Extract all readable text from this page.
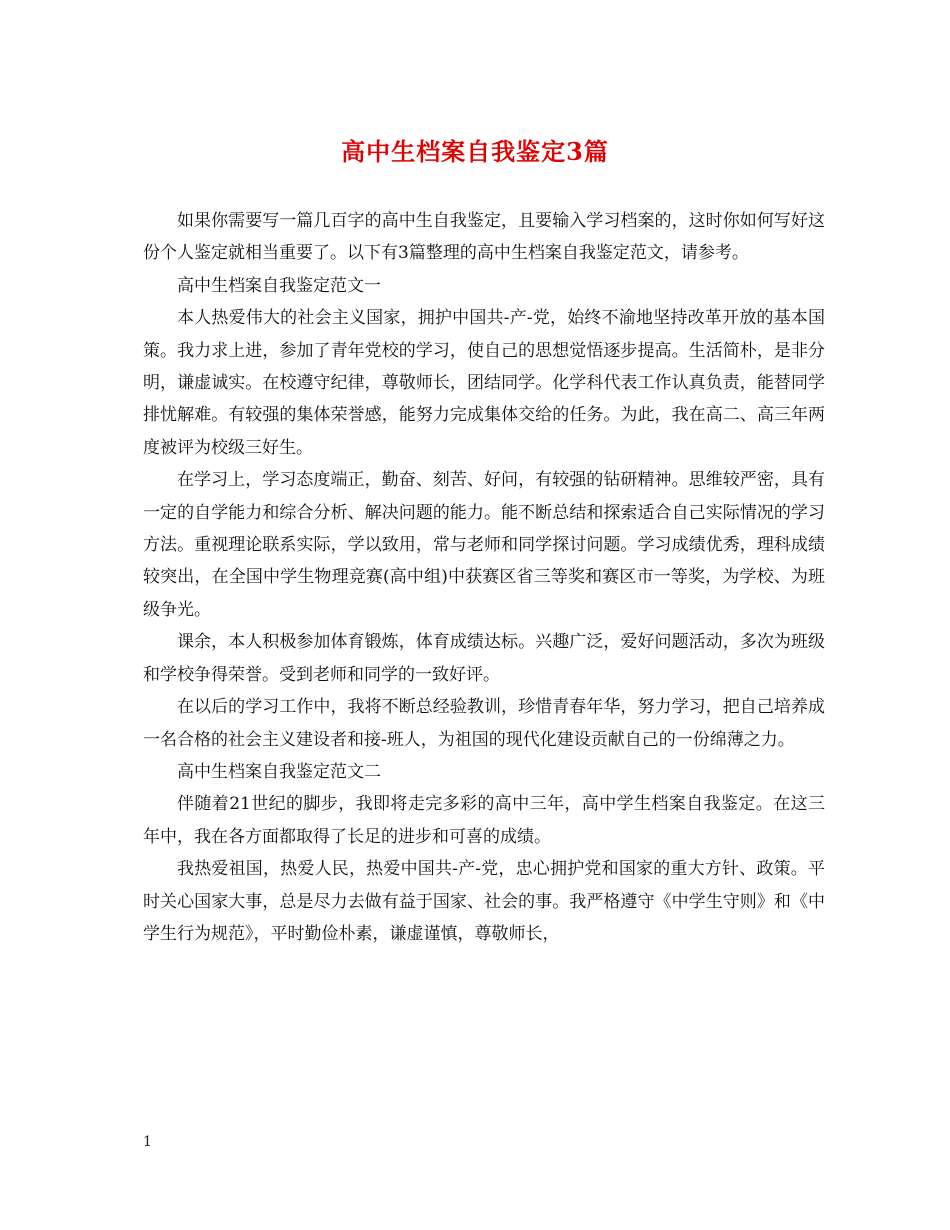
高中生档案自我鉴定3篇

如果你需要写一篇几百字的高中生自我鉴定，且要输入学习档案的，这时你如何写好这份个人鉴定就相当重要了。以下有3篇整理的高中生档案自我鉴定范文，请参考。

高中生档案自我鉴定范文一

本人热爱伟大的社会主义国家，拥护中国共-产-党，始终不渝地坚持改革开放的基本国策。我力求上进，参加了青年党校的学习，使自己的思想觉悟逐步提高。生活简朴，是非分明，谦虚诚实。在校遵守纪律，尊敬师长，团结同学。化学科代表工作认真负责，能替同学排忧解难。有较强的集体荣誉感，能努力完成集体交给的任务。为此，我在高二、高三年两度被评为校级三好生。

在学习上，学习态度端正，勤奋、刻苦、好问，有较强的钻研精神。思维较严密，具有一定的自学能力和综合分析、解决问题的能力。能不断总结和探索适合自己实际情况的学习方法。重视理论联系实际，学以致用，常与老师和同学探讨问题。学习成绩优秀，理科成绩较突出，在全国中学生物理竞赛(高中组)中获赛区省三等奖和赛区市一等奖，为学校、为班级争光。

课余，本人积极参加体育锻炼，体育成绩达标。兴趣广泛，爱好问题活动，多次为班级和学校争得荣誉。受到老师和同学的一致好评。

在以后的学习工作中，我将不断总经验教训，珍惜青春年华，努力学习，把自己培养成一名合格的社会主义建设者和接-班人，为祖国的现代化建设贡献自己的一份绵薄之力。

高中生档案自我鉴定范文二

伴随着21世纪的脚步，我即将走完多彩的高中三年，高中学生档案自我鉴定。在这三年中，我在各方面都取得了长足的进步和可喜的成绩。

我热爱祖国，热爱人民，热爱中国共-产-党，忠心拥护党和国家的重大方针、政策。平时关心国家大事，总是尽力去做有益于国家、社会的事。我严格遵守《中学生守则》和《中学生行为规范》，平时勤俭朴素，谦虚谨慎，尊敬师长，

1
